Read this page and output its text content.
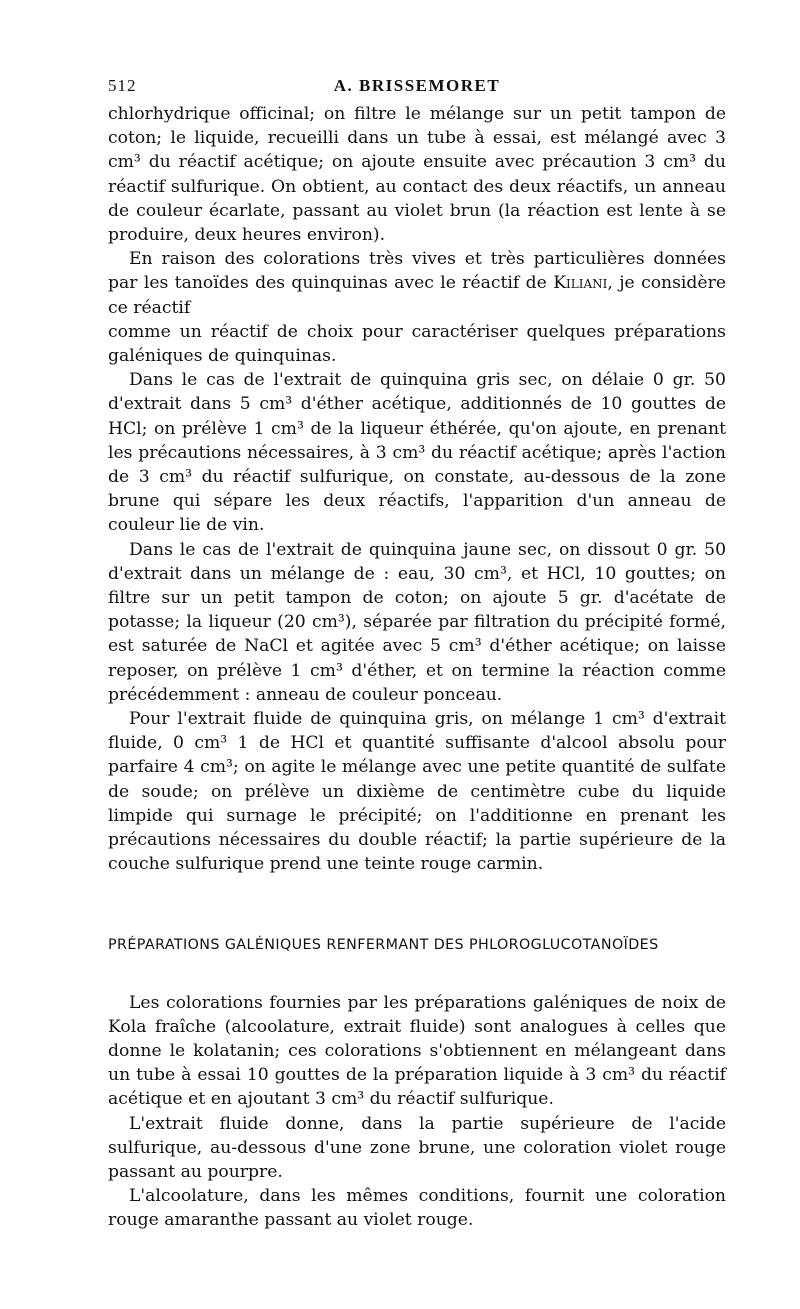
512	A. BRISSEMORET

chlorhydrique officinal; on filtre le mélange sur un petit tampon de coton; le liquide, recueilli dans un tube à essai, est mélangé avec 3 cm³ du réactif acétique; on ajoute ensuite avec précaution 3 cm³ du réactif sulfurique. On obtient, au contact des deux réactifs, un anneau de couleur écarlate, passant au violet brun (la réaction est lente à se produire, deux heures environ).

En raison des colorations très vives et très particulières données par les tanoïdes des quinquinas avec le réactif de Kiliani, je considère ce réactif

comme un réactif de choix pour caractériser quelques préparations galéniques de quinquinas.

Dans le cas de l'extrait de quinquina gris sec, on délaie 0 gr. 50 d'extrait dans 5 cm³ d'éther acétique, additionnés de 10 gouttes de HCl; on prélève 1 cm³ de la liqueur éthérée, qu'on ajoute, en prenant les précautions nécessaires, à 3 cm³ du réactif acétique; après l'action de 3 cm³ du réactif sulfurique, on constate, au-dessous de la zone brune qui sépare les deux réactifs, l'apparition d'un anneau de couleur lie de vin.

Dans le cas de l'extrait de quinquina jaune sec, on dissout 0 gr. 50 d'extrait dans un mélange de : eau, 30 cm³, et HCl, 10 gouttes; on filtre sur un petit tampon de coton; on ajoute 5 gr. d'acétate de potasse; la liqueur (20 cm³), séparée par filtration du précipité formé, est saturée de NaCl et agitée avec 5 cm³ d'éther acétique; on laisse reposer, on prélève 1 cm³ d'éther, et on termine la réaction comme précédemment : anneau de couleur ponceau.

Pour l'extrait fluide de quinquina gris, on mélange 1 cm³ d'extrait fluide, 0 cm³ 1 de HCl et quantité suffisante d'alcool absolu pour parfaire 4 cm³; on agite le mélange avec une petite quantité de sulfate de soude; on prélève un dixième de centimètre cube du liquide limpide qui surnage le précipité; on l'additionne en prenant les précautions nécessaires du double réactif; la partie supérieure de la couche sulfurique prend une teinte rouge carmin.

PRÉPARATIONS GALÉNIQUES RENFERMANT DES PHLOROGLUCOTANOÏDES

Les colorations fournies par les préparations galéniques de noix de Kola fraîche (alcoolature, extrait fluide) sont analogues à celles que donne le kolatanin; ces colorations s'obtiennent en mélangeant dans un tube à essai 10 gouttes de la préparation liquide à 3 cm³ du réactif acétique et en ajoutant 3 cm³ du réactif sulfurique.

L'extrait fluide donne, dans la partie supérieure de l'acide sulfurique, au-dessous d'une zone brune, une coloration violet rouge passant au pourpre.

L'alcoolature, dans les mêmes conditions, fournit une coloration rouge amaranthe passant au violet rouge.
